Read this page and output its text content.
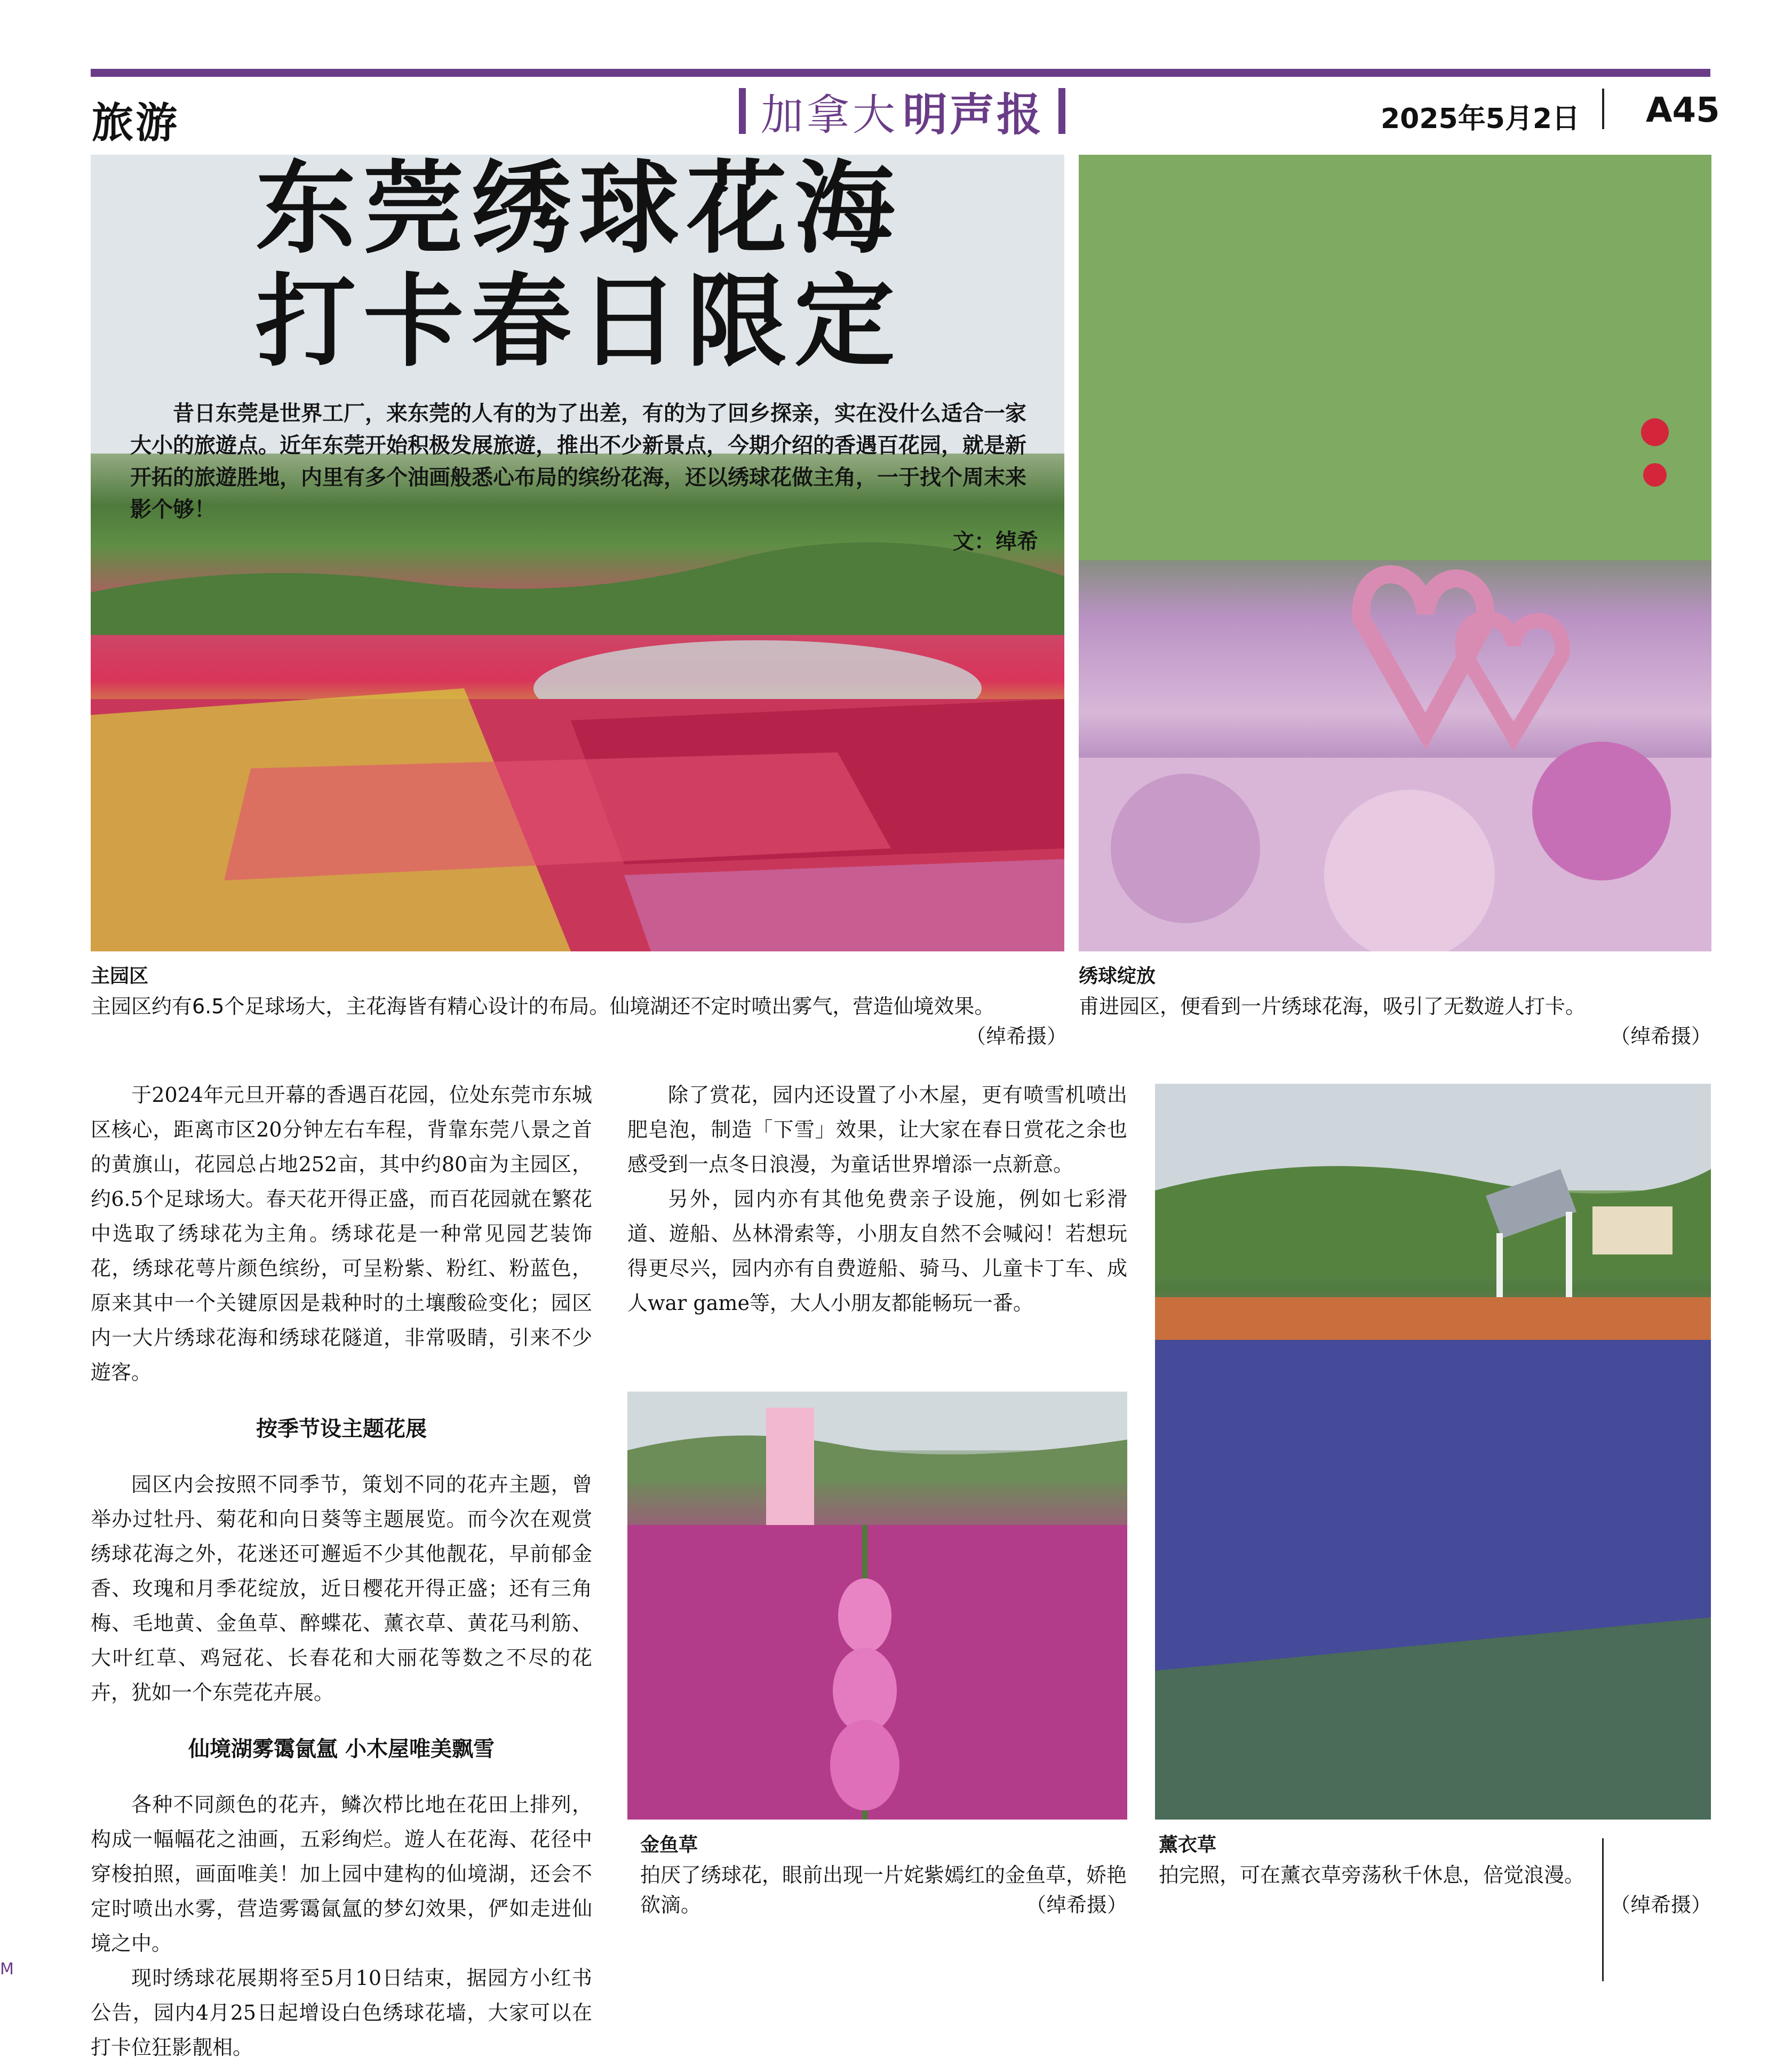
旅游	加拿大 明声报	2025年5月2日 A45
东莞绣球花海
打卡春日限定

昔日东莞是世界工厂，来东莞的人有的为了出差，有的为了回乡探亲，实在没什么适合一家大小的旅遊点。近年东莞开始积极发展旅遊，推出不少新景点，今期介绍的香遇百花园，就是新开拓的旅遊胜地，内里有多个油画般悉心布局的缤纷花海，还以绣球花做主角，一于找个周末来影个够！

文：绰希
主园区
主园区约有6.5个足球场大，主花海皆有精心设计的布局。仙境湖还不定时喷出雾气，营造仙境效果。
（绰希摄）
绣球绽放
甫进园区，便看到一片绣球花海，吸引了无数遊人打卡。
（绰希摄）

于2024年元旦开幕的香遇百花园，位处东莞市东城区核心，距离市区20分钟左右车程，背靠东莞八景之首的黄旗山，花园总占地252亩，其中约80亩为主园区，约6.5个足球场大。春天花开得正盛，而百花园就在繁花中选取了绣球花为主角。绣球花是一种常见园艺装饰花，绣球花萼片颜色缤纷，可呈粉紫、粉红、粉蓝色，原来其中一个关键原因是栽种时的土壤酸硷变化；园区内一大片绣球花海和绣球花隧道，非常吸睛，引来不少遊客。

按季节设主题花展

园区内会按照不同季节，策划不同的花卉主题，曾举办过牡丹、菊花和向日葵等主题展览。而今次在观赏绣球花海之外，花迷还可邂逅不少其他靓花，早前郁金香、玫瑰和月季花绽放，近日樱花开得正盛；还有三角梅、毛地黄、金鱼草、醉蝶花、薰衣草、黄花马利筋、大叶红草、鸡冠花、长春花和大丽花等数之不尽的花卉，犹如一个东莞花卉展。

仙境湖雾霭氤氲 小木屋唯美飘雪

各种不同颜色的花卉，鳞次栉比地在花田上排列，构成一幅幅花之油画，五彩绚烂。遊人在花海、花径中穿梭拍照，画面唯美！加上园中建构的仙境湖，还会不定时喷出水雾，营造雾霭氤氲的梦幻效果，俨如走进仙境之中。

现时绣球花展期将至5月10日结束，据园方小红书公告，园内4月25日起增设白色绣球花墙，大家可以在打卡位狂影靓相。

除了赏花，园内还设置了小木屋，更有喷雪机喷出肥皂泡，制造「下雪」效果，让大家在春日赏花之余也感受到一点冬日浪漫，为童话世界增添一点新意。

另外，园内亦有其他免费亲子设施，例如七彩滑道、遊船、丛林滑索等，小朋友自然不会喊闷！若想玩得更尽兴，园内亦有自费遊船、骑马、儿童卡丁车、成人war game等，大人小朋友都能畅玩一番。

金鱼草
拍厌了绣球花，眼前出现一片姹紫嫣红的金鱼草，娇艳欲滴。	（绰希摄）
薰衣草
拍完照，可在薰衣草旁荡秋千休息，倍觉浪漫。
（绰希摄）
M
